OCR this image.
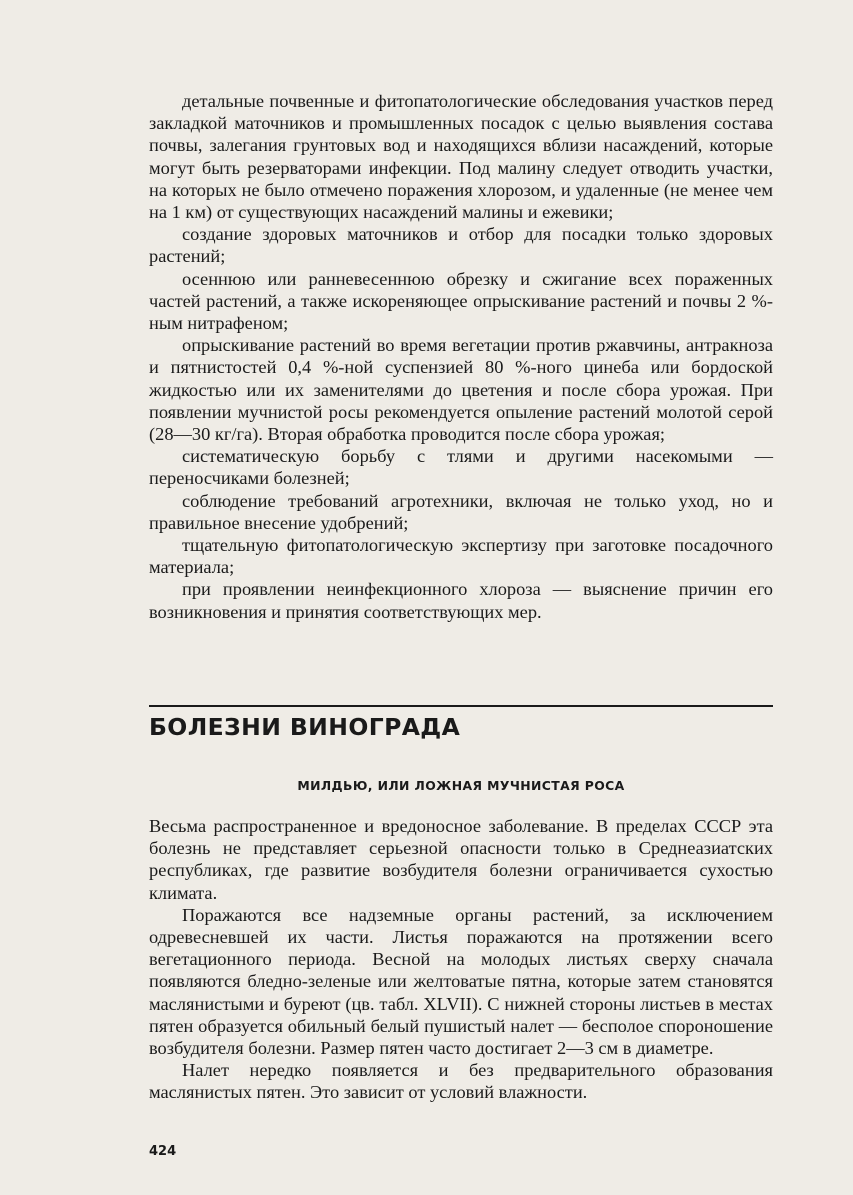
детальные почвенные и фитопатологические обследования участков перед закладкой маточников и промышленных посадок с целью выявления состава почвы, залегания грунтовых вод и находящихся вблизи насаждений, которые могут быть резерваторами инфекции. Под малину следует отводить участки, на которых не было отмечено поражения хлорозом, и удаленные (не менее чем на 1 км) от существующих насаждений малины и ежевики;

создание здоровых маточников и отбор для посадки только здоровых растений;

осеннюю или ранневесеннюю обрезку и сжигание всех пораженных частей растений, а также искореняющее опрыскивание растений и почвы 2 %-ным нитрафеном;

опрыскивание растений во время вегетации против ржавчины, антракноза и пятнистостей 0,4 %-ной суспензией 80 %-ного цинеба или бордоской жидкостью или их заменителями до цветения и после сбора урожая. При появлении мучнистой росы рекомендуется опыление растений молотой серой (28—30 кг/га). Вторая обработка проводится после сбора урожая;

систематическую борьбу с тлями и другими насекомыми — переносчиками болезней;

соблюдение требований агротехники, включая не только уход, но и правильное внесение удобрений;

тщательную фитопатологическую экспертизу при заготовке посадочного материала;

при проявлении неинфекционного хлороза — выяснение причин его возникновения и принятия соответствующих мер.

БОЛЕЗНИ ВИНОГРАДА
МИЛДЬЮ, ИЛИ ЛОЖНАЯ МУЧНИСТАЯ РОСА

Весьма распространенное и вредоносное заболевание. В пределах СССР эта болезнь не представляет серьезной опасности только в Среднеазиатских республиках, где развитие возбудителя болезни ограничивается сухостью климата.

Поражаются все надземные органы растений, за исключением одревесневшей их части. Листья поражаются на протяжении всего вегетационного периода. Весной на молодых листьях сверху сначала появляются бледно-зеленые или желтоватые пятна, которые затем становятся маслянистыми и буреют (цв. табл. XLVII). С нижней стороны листьев в местах пятен образуется обильный белый пушистый налет — бесполое спороношение возбудителя болезни. Размер пятен часто достигает 2—3 см в диаметре.

Налет нередко появляется и без предварительного образования маслянистых пятен. Это зависит от условий влажности.

424
